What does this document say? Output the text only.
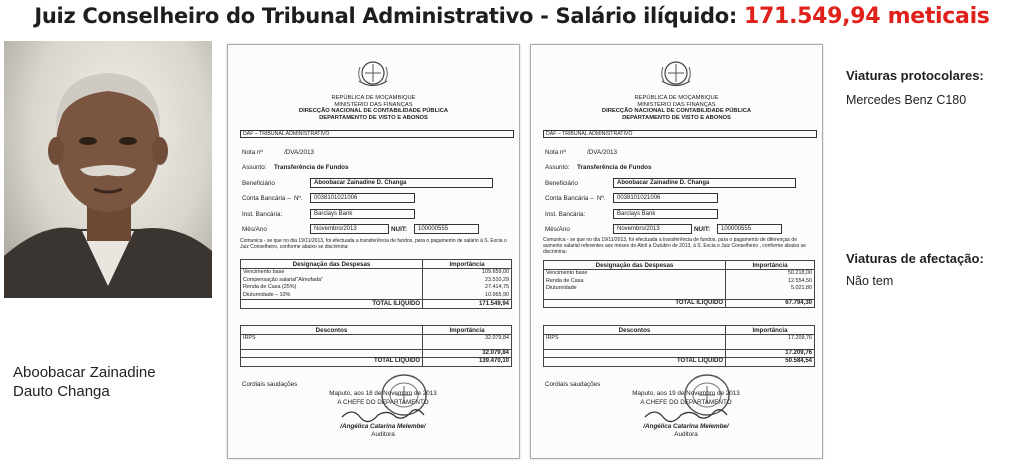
Juiz Conselheiro do Tribunal Administrativo - Salário ilíquido: 171.549,94 meticais
Aboobacar Zainadine
Dauto Changa
REPÚBLICA DE MOÇAMBIQUE
MINISTÉRIO DAS FINANÇAS
DIRECÇÃO NACIONAL DE CONTABILIDADE PÚBLICA
DEPARTAMENTO DE VISTO E ABONOS
DAF – TRIBUNAL ADMINISTRATIVO
Nota nº	/DVA/2013
Assunto: Transferência de Fundos
Beneficiário	Aboobacar Zainadine D. Changa
Conta Bancária – Nº.	0038101021006
Inst. Bancária:	Barclays Bank
Mês/Ano	Novembro/2013	NUIT:	100000555
Comunica - se que no dia 19/11/2013, foi efectuada a transferência de fundos, para o pagamento de salário à S. Excia o Juiz Conselheiro, conforme abaixo se discrimina:
Designação das Despesas	Importância
Vencimento base	109.659,00
Compensação salarial"Almofada"	23.510,29
Renda de Casa (25%)	27.414,75
Diuturnidade – 10%	10.965,90
TOTAL ILIQUIDO	171.549,94
Descontos	Importância
IRPS	32.079,84

	32.079,84
TOTAL LIQUIDO	139.470,10
Cordiais saudações
Maputo, aos 18 de Novembro de 2013
A CHEFE DO DEPARTAMENTO
/Angélica Catarina Melembe/
Auditora
REPÚBLICA DE MOÇAMBIQUE
MINISTÉRIO DAS FINANÇAS
DIRECÇÃO NACIONAL DE CONTABILIDADE PÚBLICA
DEPARTAMENTO DE VISTO E ABONOS
DAF – TRIBUNAL ADMINISTRATIVO
Nota nº	/DVA/2013
Assunto: Transferência de Fundos
Beneficiário	Aboobacar Zainadine D. Changa
Conta Bancária – Nº.	0038101021006
Inst. Bancária:	Barclays Bank
Mês/Ano	Novembro/2013	NUIT:	100000555
Comunica - se que no dia 19/11/2013, foi efectuada a transferência de fundos, para o pagamento de diferenças de aumento salarial referentes aos meses de Abril a Outubro de 2013, à S. Excia o Juiz Conselheiro , conforme abaixo se discrimina:
Designação das Despesas	Importância
Vencimento base	50.218,00
Renda de Casa	12.554,50
Diuturnidade	5.021,80

TOTAL ILIQUIDO	67.794,30
Descontos	Importância
IRPS	17.209,76

	17.209,76
TOTAL LIQUIDO	50.584,54
Cordiais saudações
Maputo, aos 19 de Novembro de 2013
A CHEFE DO DEPARTAMENTO
/Angélica Catarina Melembe/
Auditora
Viaturas protocolares:
Mercedes Benz C180
Viaturas de afectação:
Não tem
